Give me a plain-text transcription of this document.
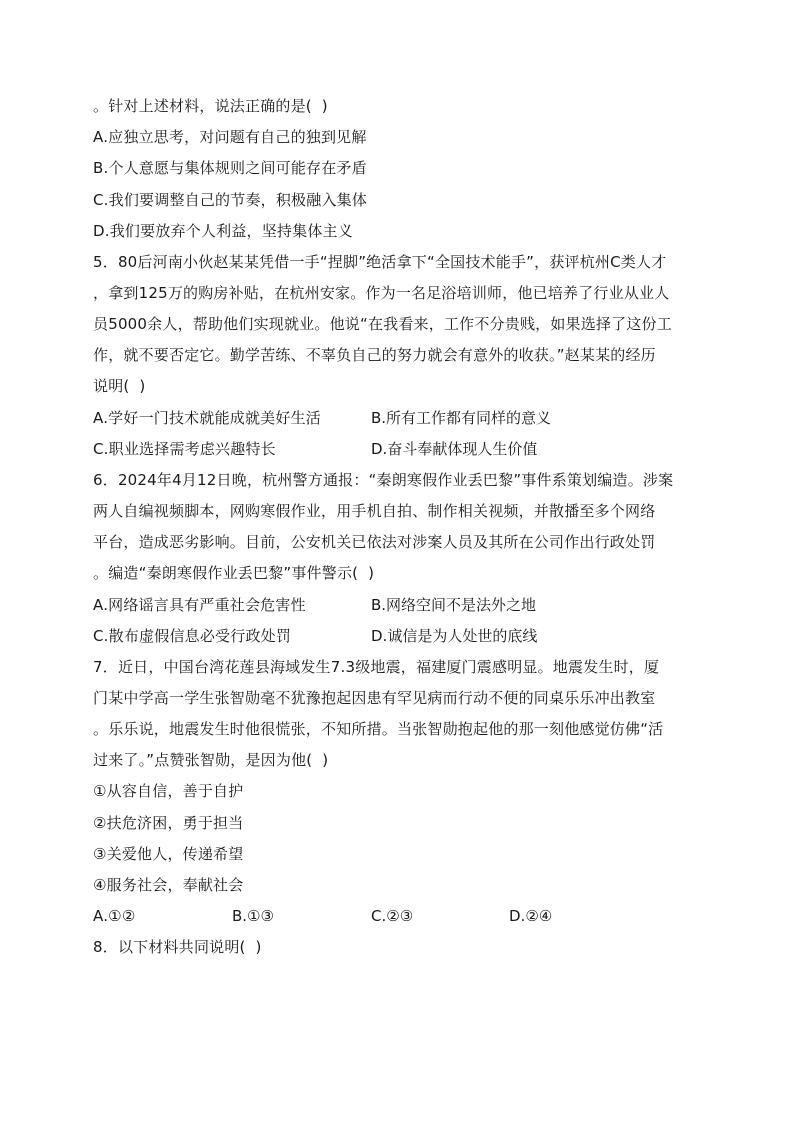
。针对上述材料，说法正确的是(  )
A.应独立思考，对问题有自己的独到见解
B.个人意愿与集体规则之间可能存在矛盾
C.我们要调整自己的节奏，积极融入集体
D.我们要放弃个人利益，坚持集体主义
5．80后河南小伙赵某某凭借一手“捏脚”绝活拿下“全国技术能手”，获评杭州C类人才
，拿到125万的购房补贴，在杭州安家。作为一名足浴培训师，他已培养了行业从业人
员5000余人，帮助他们实现就业。他说“在我看来，工作不分贵贱，如果选择了这份工
作，就不要否定它。勤学苦练、不辜负自己的努力就会有意外的收获。”赵某某的经历
说明(  )
A.学好一门技术就能成就美好生活	B.所有工作都有同样的意义
C.职业选择需考虑兴趣特长	D.奋斗奉献体现人生价值
6．2024年4月12日晚，杭州警方通报：“秦朗寒假作业丢巴黎”事件系策划编造。涉案
两人自编视频脚本，网购寒假作业，用手机自拍、制作相关视频，并散播至多个网络
平台，造成恶劣影响。目前，公安机关已依法对涉案人员及其所在公司作出行政处罚
。编造“秦朗寒假作业丢巴黎”事件警示(  )
A.网络谣言具有严重社会危害性	B.网络空间不是法外之地
C.散布虚假信息必受行政处罚	D.诚信是为人处世的底线
7．近日，中国台湾花莲县海域发生7.3级地震，福建厦门震感明显。地震发生时，厦
门某中学高一学生张智勋毫不犹豫抱起因患有罕见病而行动不便的同桌乐乐冲出教室
。乐乐说，地震发生时他很慌张，不知所措。当张智勋抱起他的那一刻他感觉仿佛“活
过来了。”点赞张智勋，是因为他(  )
①从容自信，善于自护
②扶危济困，勇于担当
③关爱他人，传递希望
④服务社会，奉献社会
A.①②	B.①③	C.②③	D.②④
8．以下材料共同说明(  )
